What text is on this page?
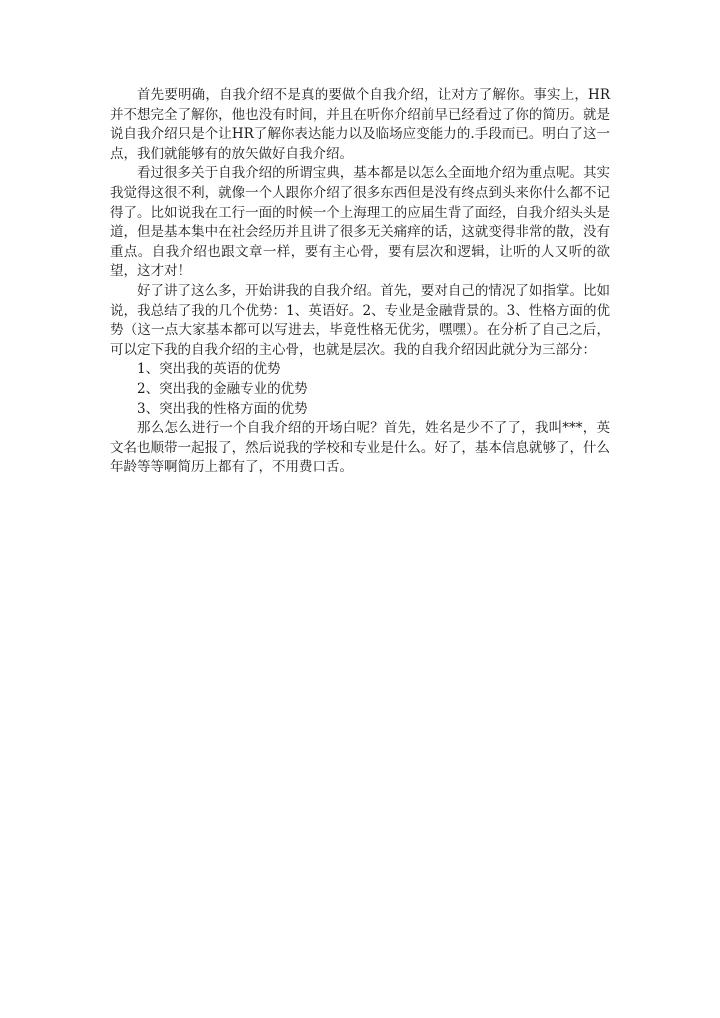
首先要明确，自我介绍不是真的要做个自我介绍，让对方了解你。事实上，HR并不想完全了解你，他也没有时间，并且在听你介绍前早已经看过了你的简历。就是说自我介绍只是个让HR了解你表达能力以及临场应变能力的.手段而已。明白了这一点，我们就能够有的放矢做好自我介绍。

看过很多关于自我介绍的所谓宝典，基本都是以怎么全面地介绍为重点呢。其实我觉得这很不利，就像一个人跟你介绍了很多东西但是没有终点到头来你什么都不记得了。比如说我在工行一面的时候一个上海理工的应届生背了面经，自我介绍头头是道，但是基本集中在社会经历并且讲了很多无关痛痒的话，这就变得非常的散，没有重点。自我介绍也跟文章一样，要有主心骨，要有层次和逻辑，让听的人又听的欲望，这才对！

好了讲了这么多，开始讲我的自我介绍。首先，要对自己的情况了如指掌。比如说，我总结了我的几个优势：1、英语好。2、专业是金融背景的。3、性格方面的优势（这一点大家基本都可以写进去，毕竟性格无优劣，嘿嘿）。在分析了自己之后，可以定下我的自我介绍的主心骨，也就是层次。我的自我介绍因此就分为三部分：

1、突出我的英语的优势

2、突出我的金融专业的优势

3、突出我的性格方面的优势

那么怎么进行一个自我介绍的开场白呢？首先，姓名是少不了了，我叫***，英文名也顺带一起报了，然后说我的学校和专业是什么。好了，基本信息就够了，什么年龄等等啊简历上都有了，不用费口舌。
